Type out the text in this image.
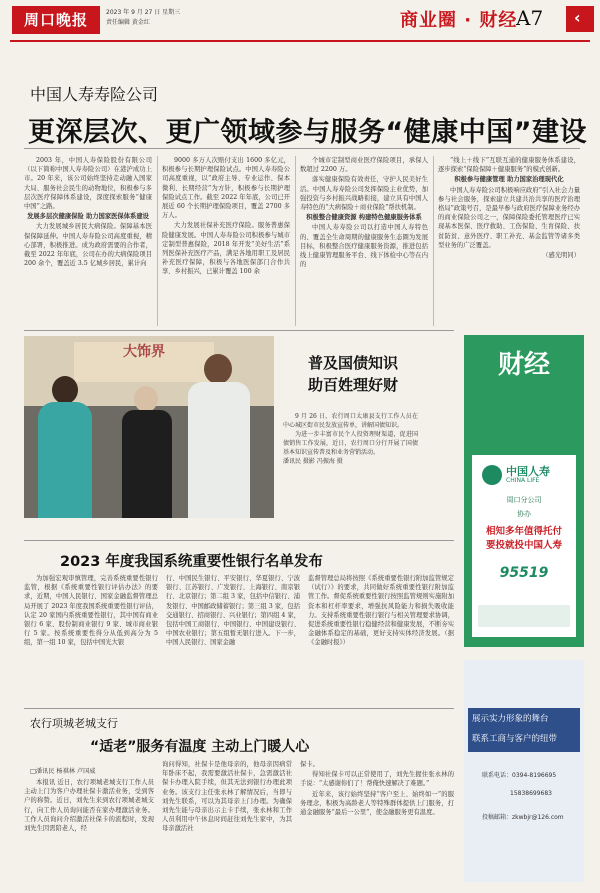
周口晚报	2023 年 9 月 27 日 星期三
责任编辑 黄金红	商业圈 · 财经
A7 ‹
中国人寿寿险公司
更深层次、更广领域参与服务“健康中国”建设

2003 年，中国人寿保险股份有限公司（以下简称中国人寿寿险公司）在港沪成功上市。20 年来，该公司始终坚持走动融入国家大局、服务社会民生的动物地位，积极参与多层次医疗保障体系建设，深度探索服务“健康中国”之路。

发展多层次健康保险 助力国家医保体系建设

大力发展城乡居民大病保险。保障基本医保保障延伸。中国人寿寿险公司高度重视，精心部署，积极推进。成为政府需要的合作者，截至 2022 年年底，公司在办的大病保险项目 200 余个，覆盖近 3.5 亿城乡居民，累计向

9000 多万人次赔付支出 1600 多亿元，积极参与长期护理保险试点。中国人寿寿险公司高度重视，以“政府主导、专业运作、保本微利、长期经营”为方针，积极参与长期护理保险试点工作。截至 2022 年年底，公司已开展近 60 个长期护理保险项目，覆盖 2700 多万人。

大力发展社保补充医疗保险。服务普惠保险健康发展。中国人寿寿险公司积极参与城市定制型普惠保险，2018 年开发“美好生活”系列医保补充医疗产品，满足各地用职工及居民补充医疗保障，积极与各地医保部门合作共享、乡村振兴，已累计覆盖 100 余

个城市定制型商业医疗保险项目，承保人数超过 2200 万。

落实健康保险有效责任，守护人民美好生活。中国人寿寿险公司发挥保险主业优势，加强投资与乡村振兴战略衔接，建立具有中国人寿特色的“大病保险＋商业保险”帮扶机制。

积极整合健康资源 构建特色健康服务体系

中国人寿寿险公司以打造中国人寿特色的、覆盖全生命周期的健康服务生态圈为发展目标，积极整合医疗健康服务资源，推进包括线上健康管理服务平台、线下体检中心等在内的

“线上＋线下”互联互通的健康服务体系建设，逐步探索“保险保障＋健康服务”的模式创新。

积极参与健康管理 助力国家治理现代化

中国人寿寿险公司积极响应政府“引入社会力量参与社会服务，探索建立共建共治共享的医疗治理格局”政策号召，是最早参与政府医疗保障业务经办的商业保险公司之一，保障保险委托管理医疗已实现基本医保、医疗救助、工伤保险、生育保险、扶贫防贫、意外医疗、职工补充、基金监管等诸多类型业务的广泛覆盖。

（感光明同）

大饰界
普及国债知识
助百姓理好财

9 月 26 日，农行周口太康县支行工作人员在中心城区街市民发放宣传单，讲解国债知识。

为进一步丰富市民个人投资理财渠道，促进国债销售工作发展，近日，农行周口分行开展了国债基本知识宣传普及和业务营销活动。

潘讯民 摄影 冯振海 摄

2023 年度我国系统重要性银行名单发布

为加强宏观审慎管理，完善系统重要性银行监管，根据《系统重要性银行评估办法》的要求，近期，中国人民银行、国家金融监督管理总局开展了 2023 年度我国系统重要性银行评估，认定 20 家国内系统重要性银行，其中国有商业银行 6 家、股份制商业银行 9 家、城市商业银行 5 家。按系统重要性得分从低到高分为 5 组，第一组 10 家，包括中国光大银

行、中国民生银行、平安银行、华夏银行、宁波银行、江苏银行、广发银行、上海银行、南京银行、北京银行；第二组 3 家，包括中信银行、浦发银行、中国邮政储蓄银行；第三组 3 家，包括交通银行、招商银行、兴业银行；第四组 4 家，包括中国工商银行、中国银行、中国建设银行、中国农业银行；第五组暂无银行进入。下一步，中国人民银行、国家金融

监督管理总局将按照《系统重要性银行附加监管规定（试行）》的要求，共同做好系统重要性银行附加监管工作。督促系统重要性银行按照监管规则实施附加资本和杠杆率要求，增强抗风险能力和损失吸收能力。支持系统重要性银行银行与相关管理要求协调，促进系统重要性银行稳健经营和健康发展，不断夯实金融体系稳定的基础，更好支持实体经济发展。（据《金融时报》）

农行项城老城支行
“适老”服务有温度 主动上门暖人心
□潘讯民 杨祺林 卢国威

本报讯 近日，农行项城老城支行工作人员主动上门为客户办理社保卡激活业务，受到客户的称赞。近日，刘先生来到农行项城老城支行，向工作人员询问能否在家办理激活业务。工作人员询问介绍激活社保卡的流程时，发现刘先生因需陪老人，经

询问得知，社保卡是他母亲的，他母亲因病常年卧床不起，我需要激活社保卡，急需激活社保卡办理入院手续，但其无法到银行办理此项业务。该支行主任张永林了解情况后，当即与刘先生联系，可以为其母亲上门办理。为确保刘先生能与母亲出示主卡手续，张永林和工作人员利用中午休息时间赶往刘先生家中，为其母亲激活社

保卡。

得知社保卡可以正常使用了，刘先生握住张永林的手说：“太感谢你们了！帮俺快速解决了难题。”

近年来，该行始终坚持“客户至上、始终如一”的服务理念，积极为高龄老人等特殊群体提供上门服务，打通金融服务“最后一公里”，使金融服务更有温度。

财经
中国人寿
CHINA LIFE
周口分公司
协办
相知多年值得托付
要投就投中国人寿
95519
展示实力形象的舞台
联系工商与客户的纽带
联系电话：0394-8196695
15838699683
投稿邮箱：zkwbjr@126.com
